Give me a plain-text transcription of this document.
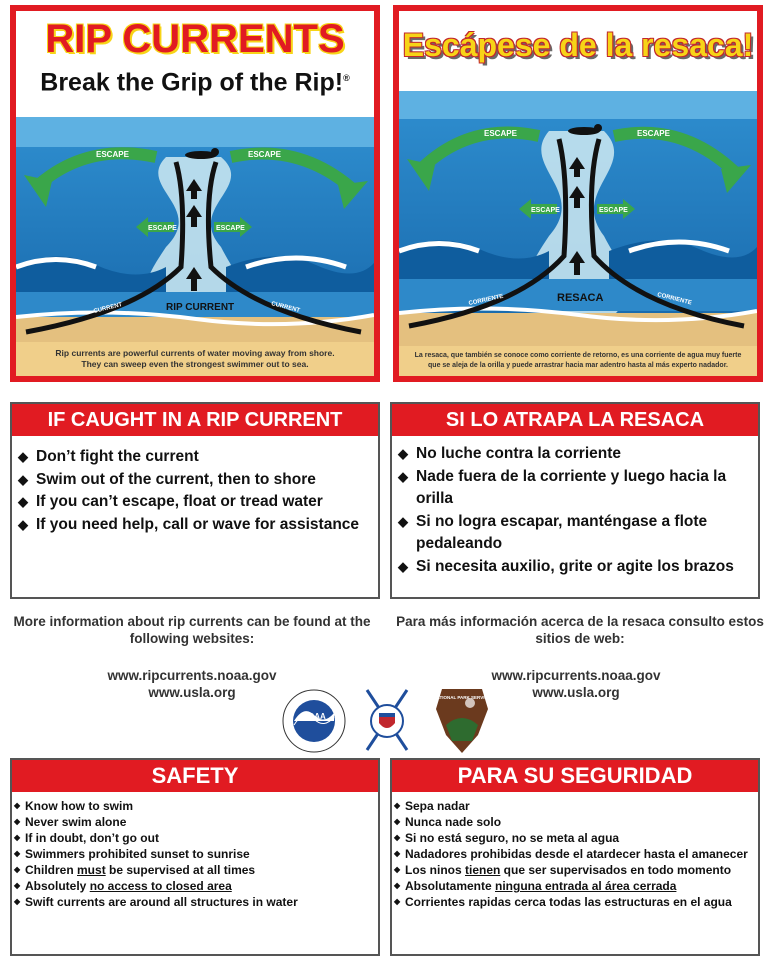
RIP CURRENTS
Break the Grip of the Rip!®
ESCAPE	ESCAPE
ESCAPE	ESCAPE
RIP CURRENT
CURRENT	CURRENT
Rip currents are powerful currents of water moving away from shore.
They can sweep even the strongest swimmer out to sea.
Escápese de la resaca!
ESCAPE	ESCAPE
ESCAPE	ESCAPE
RESACA
CORRIENTE	CORRIENTE
La resaca, que también se conoce como corriente de retorno, es una corriente de agua muy fuerte
que se aleja de la orilla y puede arrastrar hacia mar adentro hasta al más experto nadador.
IF CAUGHT IN A RIP CURRENT
◆ Don’t fight the current
◆ Swim out of the current, then to shore
◆ If you can’t escape, float or tread water
◆ If you need help, call or wave for assistance
SI LO ATRAPA LA RESACA
◆ No luche contra la corriente
◆ Nade fuera de la corriente y luego hacia la orilla
◆ Si no logra escapar, manténgase a flote pedaleando
◆ Si necesita auxilio, grite or agite los brazos
More information about rip currents can be found at the following websites:
Para más información acerca de la resaca consulto estos sitios de web:
www.ripcurrents.noaa.gov
www.usla.org
www.ripcurrents.noaa.gov
www.usla.org
NOAA
NATIONAL PARK SERVICE
SAFETY
◆ Know how to swim
◆ Never swim alone
◆ If in doubt, don’t go out
◆ Swimmers prohibited sunset to sunrise
◆ Children must be supervised at all times
◆ Absolutely no access to closed area
◆ Swift currents are around all structures in water
PARA SU SEGURIDAD
◆ Sepa nadar
◆ Nunca nade solo
◆ Si no está seguro, no se meta al agua
◆ Nadadores prohibidas desde el atardecer hasta el amanecer
◆ Los ninos tienen que ser supervisados en todo momento
◆ Absolutamente ninguna entrada al área cerrada
◆ Corrientes rapidas cerca todas las estructuras en el agua
